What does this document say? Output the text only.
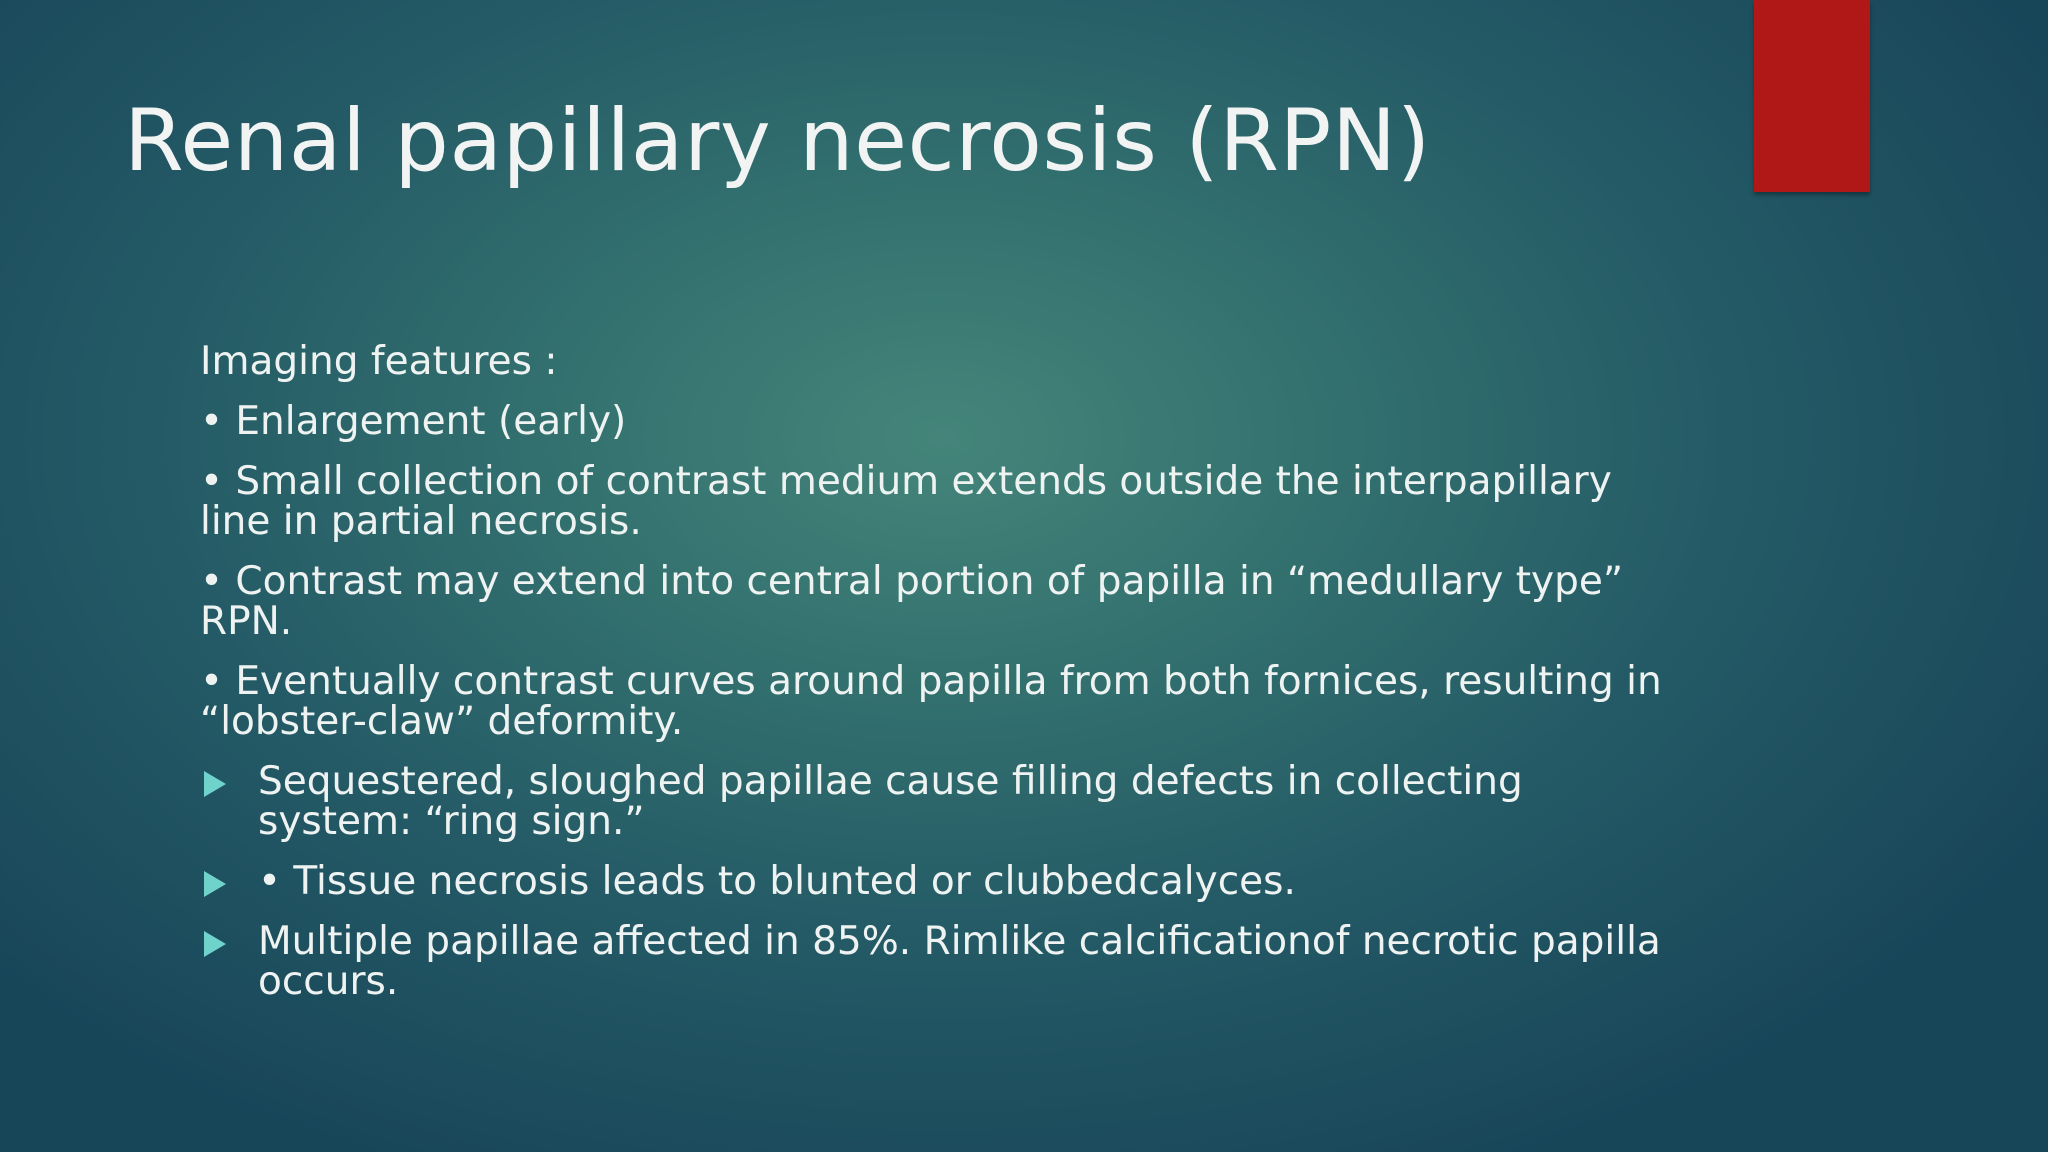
Renal papillary necrosis (RPN)

Imaging features :

• Enlargement (early)

• Small collection of contrast medium extends outside the interpapillary line in partial necrosis.

• Contrast may extend into central portion of papilla in “medullary type” RPN.

• Eventually contrast curves around papilla from both fornices, resulting in “lobster-claw” deformity.

Sequestered, sloughed papillae cause filling defects in collecting system: “ring sign.”
• Tissue necrosis leads to blunted or clubbedcalyces.
Multiple papillae affected in 85%. Rimlike calcificationof necrotic papilla occurs.
